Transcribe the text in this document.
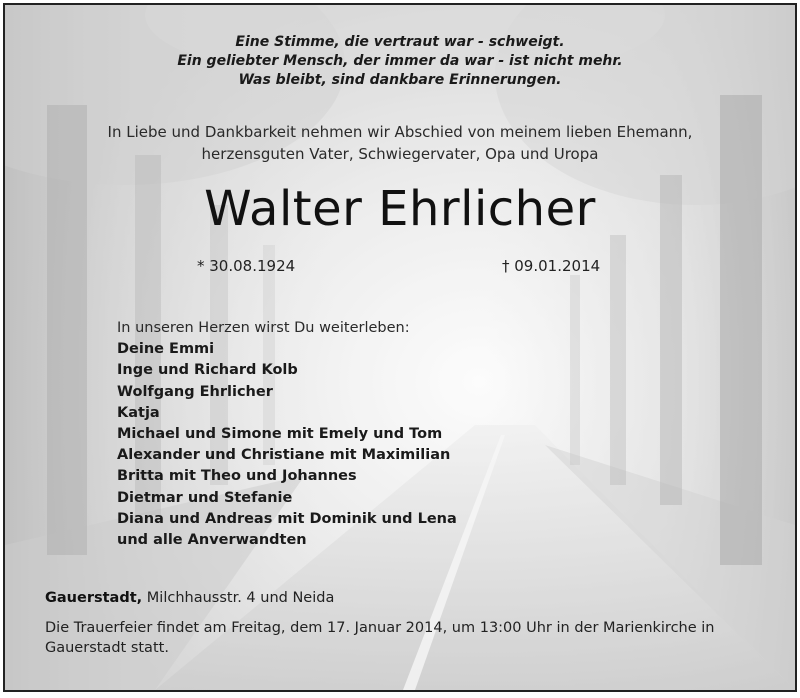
Eine Stimme, die vertraut war - schweigt.
Ein geliebter Mensch, der immer da war - ist nicht mehr.
Was bleibt, sind dankbare Erinnerungen.
In Liebe und Dankbarkeit nehmen wir Abschied von meinem lieben Ehemann,
herzensguten Vater, Schwiegervater, Opa und Uropa
Walter Ehrlicher
* 30.08.1924	† 09.01.2014
In unseren Herzen wirst Du weiterleben:
Deine Emmi
Inge und Richard Kolb
Wolfgang Ehrlicher
Katja
Michael und Simone mit Emely und Tom
Alexander und Christiane mit Maximilian
Britta mit Theo und Johannes
Dietmar und Stefanie
Diana und Andreas mit Dominik und Lena
und alle Anverwandten
Gauerstadt, Milchhausstr. 4 und Neida
Die Trauerfeier findet am Freitag, dem 17. Januar 2014, um 13:00 Uhr in der Marienkirche in
Gauerstadt statt.
